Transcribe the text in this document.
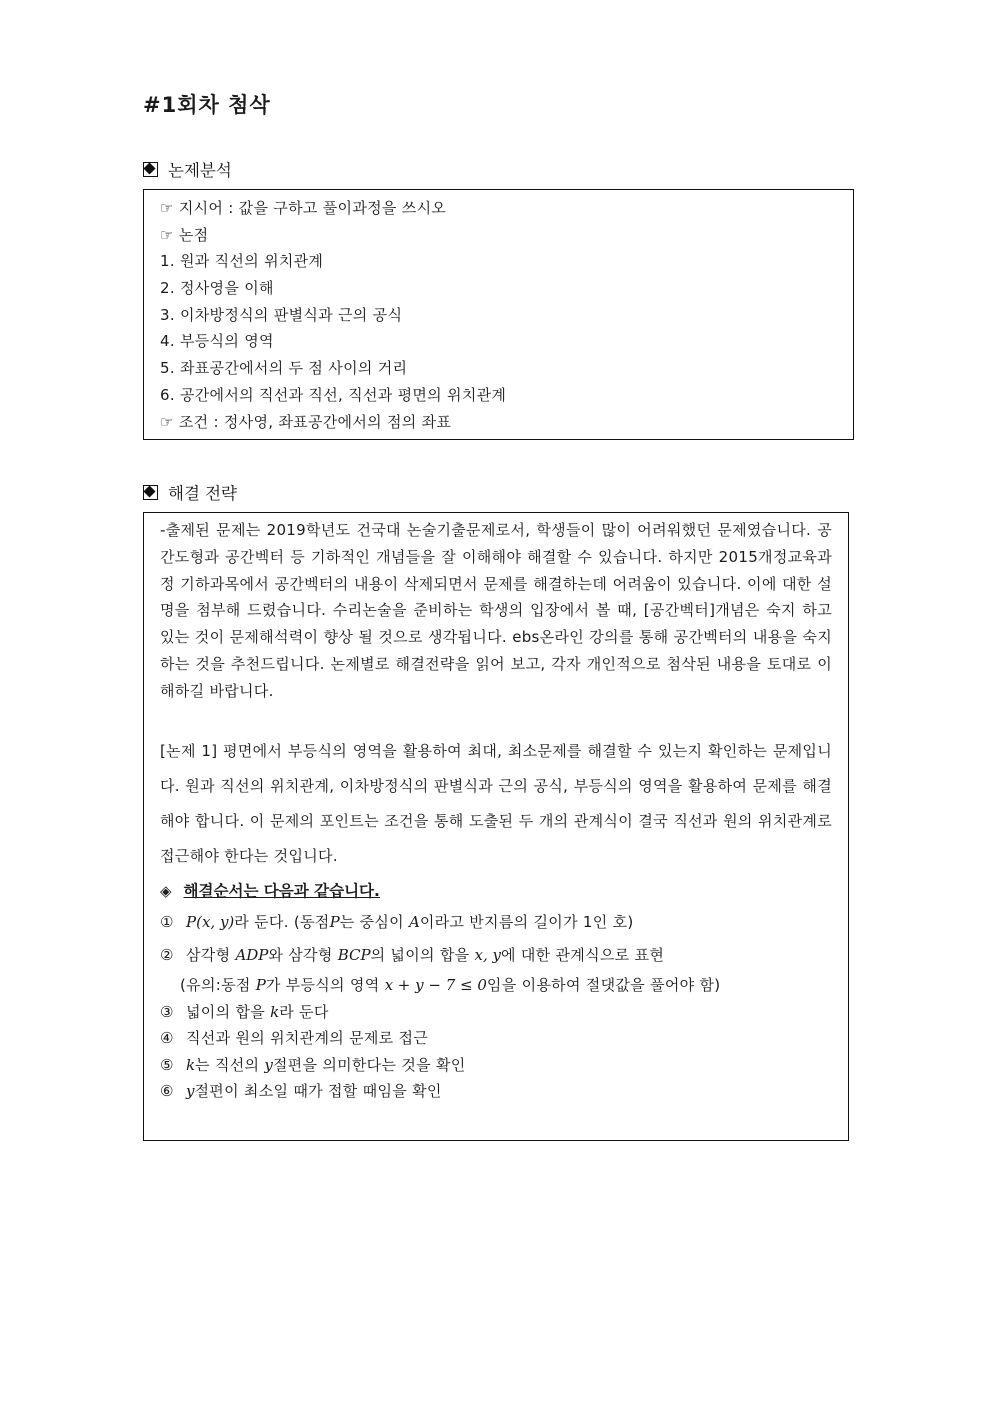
#1회차 첨삭
논제분석
☞ 지시어 : 값을 구하고 풀이과정을 쓰시오
☞ 논점
1. 원과 직선의 위치관계
2. 정사영을 이해
3. 이차방정식의 판별식과 근의 공식
4. 부등식의 영역
5. 좌표공간에서의 두 점 사이의 거리
6. 공간에서의 직선과 직선, 직선과 평면의 위치관계
☞ 조건 : 정사영, 좌표공간에서의 점의 좌표
해결 전략
-출제된 문제는 2019학년도 건국대 논술기출문제로서, 학생들이 많이 어려워했던 문제였습니다. 공간도형과 공간벡터 등 기하적인 개념들을 잘 이해해야 해결할 수 있습니다. 하지만 2015개정교육과정 기하과목에서 공간벡터의 내용이 삭제되면서 문제를 해결하는데 어려움이 있습니다. 이에 대한 설명을 첨부해 드렸습니다. 수리논술을 준비하는 학생의 입장에서 볼 때, [공간벡터]개념은 숙지 하고 있는 것이 문제해석력이 향상 될 것으로 생각됩니다. ebs온라인 강의를 통해 공간벡터의 내용을 숙지하는 것을 추천드립니다. 논제별로 해결전략을 읽어 보고, 각자 개인적으로 첨삭된 내용을 토대로 이해하길 바랍니다.
[논제 1] 평면에서 부등식의 영역을 활용하여 최대, 최소문제를 해결할 수 있는지 확인하는 문제입니다. 원과 직선의 위치관계, 이차방정식의 판별식과 근의 공식, 부등식의 영역을 활용하여 문제를 해결해야 합니다. 이 문제의 포인트는 조건을 통해 도출된 두 개의 관계식이 결국 직선과 원의 위치관계로 접근해야 한다는 것입니다.
◈ 해결순서는 다음과 같습니다.
① P(x, y)라 둔다. (동점P는 중심이 A이라고 반지름의 길이가 1인 호)
② 삼각형 ADP와 삼각형 BCP의 넓이의 합을 x, y에 대한 관계식으로 표현
(유의:동점 P가 부등식의 영역 x + y − 7 ≤ 0임을 이용하여 절댓값을 풀어야 함)
③ 넓이의 합을 k라 둔다
④ 직선과 원의 위치관계의 문제로 접근
⑤ k는 직선의 y절편을 의미한다는 것을 확인
⑥ y절편이 최소일 때가 접할 때임을 확인
